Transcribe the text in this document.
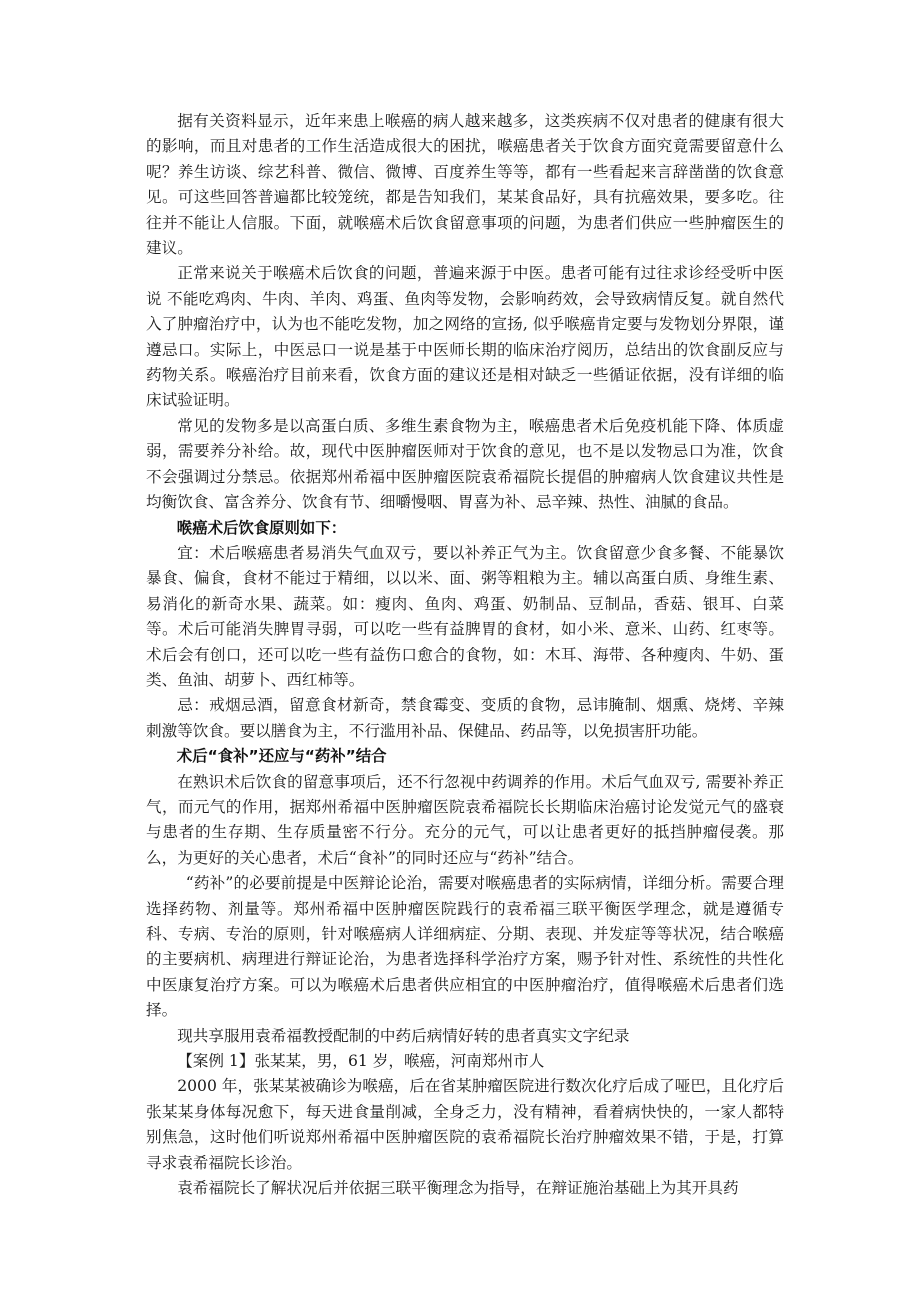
据有关资料显示，近年来患上喉癌的病人越来越多，这类疾病不仅对患者的健康有很大的影响，而且对患者的工作生活造成很大的困扰，喉癌患者关于饮食方面究竟需要留意什么呢？养生访谈、综艺科普、微信、微博、百度养生等等，都有一些看起来言辞凿凿的饮食意见。可这些回答普遍都比较笼统，都是告知我们，某某食品好，具有抗癌效果，要多吃。往往并不能让人信服。下面，就喉癌术后饮食留意事项的问题，为患者们供应一些肿瘤医生的建议。

正常来说关于喉癌术后饮食的问题，普遍来源于中医。患者可能有过往求诊经受听中医说 不能吃鸡肉、牛肉、羊肉、鸡蛋、鱼肉等发物，会影响药效，会导致病情反复。就自然代入了肿瘤治疗中，认为也不能吃发物，加之网络的宣扬, 似乎喉癌肯定要与发物划分界限，谨遵忌口。实际上，中医忌口一说是基于中医师长期的临床治疗阅历，总结出的饮食副反应与药物关系。喉癌治疗目前来看，饮食方面的建议还是相对缺乏一些循证依据，没有详细的临床试验证明。

常见的发物多是以高蛋白质、多维生素食物为主，喉癌患者术后免疫机能下降、体质虚弱，需要养分补给。故，现代中医肿瘤医师对于饮食的意见，也不是以发物忌口为准，饮食不会强调过分禁忌。依据郑州希福中医肿瘤医院袁希福院长提倡的肿瘤病人饮食建议共性是 均衡饮食、富含养分、饮食有节、细嚼慢咽、胃喜为补、忌辛辣、热性、油腻的食品。

喉癌术后饮食原则如下：

宜：术后喉癌患者易消失气血双亏，要以补养正气为主。饮食留意少食多餐、不能暴饮暴食、偏食，食材不能过于精细，以以米、面、粥等粗粮为主。辅以高蛋白质、身维生素、易消化的新奇水果、蔬菜。如：瘦肉、鱼肉、鸡蛋、奶制品、豆制品，香菇、银耳、白菜等。术后可能消失脾胃寻弱，可以吃一些有益脾胃的食材，如小米、意米、山药、红枣等。术后会有创口，还可以吃一些有益伤口愈合的食物，如：木耳、海带、各种瘦肉、牛奶、蛋类、鱼油、胡萝卜、西红柿等。

忌：戒烟忌酒，留意食材新奇，禁食霉变、变质的食物，忌讳腌制、烟熏、烧烤、辛辣刺激等饮食。要以膳食为主，不行滥用补品、保健品、药品等，以免损害肝功能。

术后“食补”还应与“药补”结合

在熟识术后饮食的留意事项后，还不行忽视中药调养的作用。术后气血双亏, 需要补养正气，而元气的作用，据郑州希福中医肿瘤医院袁希福院长长期临床治癌讨论发觉元气的盛衰与患者的生存期、生存质量密不行分。充分的元气，可以让患者更好的抵挡肿瘤侵袭。那么，为更好的关心患者，术后“食补”的同时还应与“药补”结合。

“药补”的必要前提是中医辩论论治，需要对喉癌患者的实际病情，详细分析。需要合理选择药物、剂量等。郑州希福中医肿瘤医院践行的袁希福三联平衡医学理念，就是遵循专科、专病、专治的原则，针对喉癌病人详细病症、分期、表现、并发症等等状况，结合喉癌的主要病机、病理进行辩证论治，为患者选择科学治疗方案，赐予针对性、系统性的共性化中医康复治疗方案。可以为喉癌术后患者供应相宜的中医肿瘤治疗，值得喉癌术后患者们选择。

现共享服用袁希福教授配制的中药后病情好转的患者真实文字纪录

【案例 1】张某某，男，61 岁，喉癌，河南郑州市人

2000 年，张某某被确诊为喉癌，后在省某肿瘤医院进行数次化疗后成了哑巴，且化疗后张某某身体每况愈下，每天进食量削减，全身乏力，没有精神，看着病快快的，一家人都特别焦急，这时他们听说郑州希福中医肿瘤医院的袁希福院长治疗肿瘤效果不错，于是，打算寻求袁希福院长诊治。

袁希福院长了解状况后并依据三联平衡理念为指导，在辩证施治基础上为其开具药
